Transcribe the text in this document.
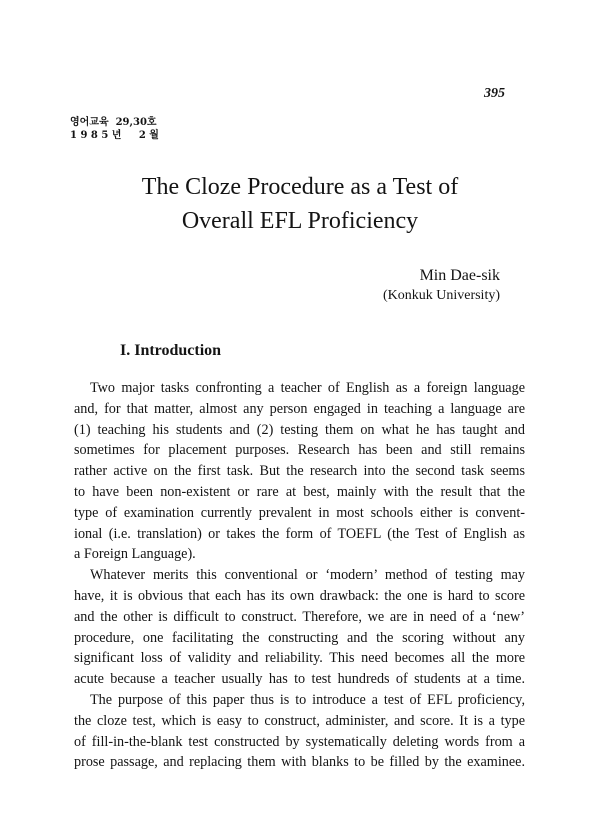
395
영어교육  29,30호
1 9 8 5 년     2 월
The Cloze Procedure as a Test of
Overall EFL Proficiency
Min Dae-sik
(Konkuk University)
I. Introduction
Two major tasks confronting a teacher of English as a foreign language
and, for that matter, almost any person engaged in teaching a language are
(1) teaching his students and (2) testing them on what he has taught and
sometimes for placement purposes. Research has been and still remains
rather active on the first task. But the research into the second task seems
to have been non-existent or rare at best, mainly with the result that the
type of examination currently prevalent in most schools either is convent-
ional (i.e. translation) or takes the form of TOEFL (the Test of English as
a Foreign Language).
Whatever merits this conventional or ‘modern’ method of testing may
have, it is obvious that each has its own drawback: the one is hard to score
and the other is difficult to construct. Therefore, we are in need of a ‘new’
procedure, one facilitating the constructing and the scoring without any
significant loss of validity and reliability. This need becomes all the more
acute because a teacher usually has to test hundreds of students at a time.
The purpose of this paper thus is to introduce a test of EFL proficiency,
the cloze test, which is easy to construct, administer, and score. It is a type
of fill-in-the-blank test constructed by systematically deleting words from a
prose passage, and replacing them with blanks to be filled by the examinee.
